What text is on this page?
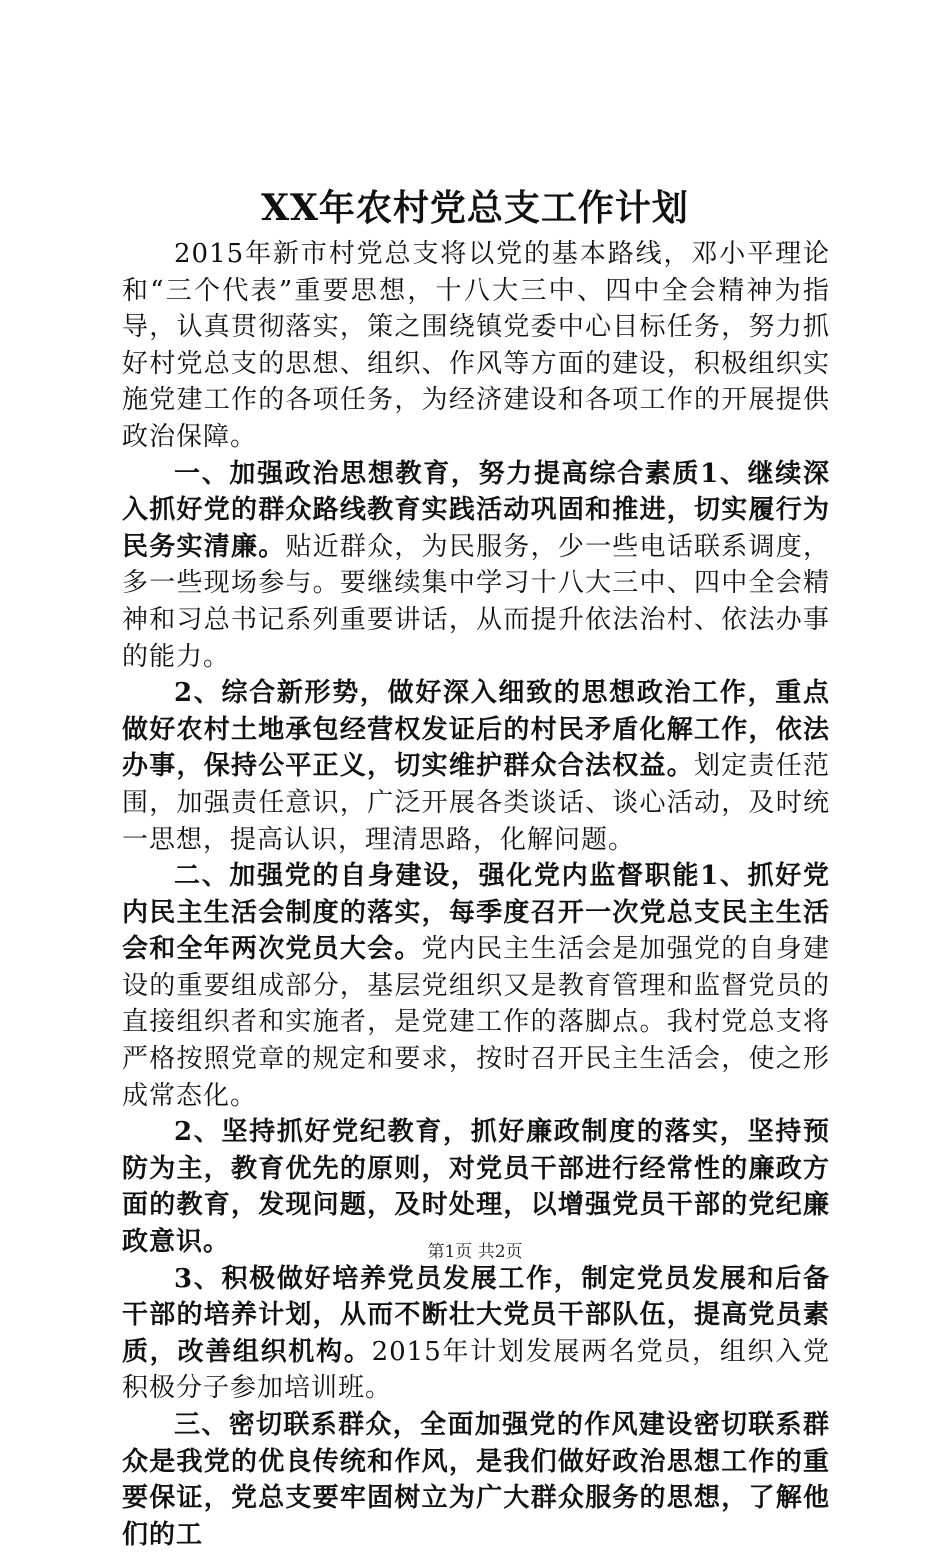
XX年农村党总支工作计划

2015年新市村党总支将以党的基本路线，邓小平理论和“三个代表”重要思想，十八大三中、四中全会精神为指导，认真贯彻落实，策之围绕镇党委中心目标任务，努力抓好村党总支的思想、组织、作风等方面的建设，积极组织实施党建工作的各项任务，为经济建设和各项工作的开展提供政治保障。

一、加强政治思想教育，努力提高综合素质1、继续深入抓好党的群众路线教育实践活动巩固和推进，切实履行为民务实清廉。贴近群众，为民服务，少一些电话联系调度，多一些现场参与。要继续集中学习十八大三中、四中全会精神和习总书记系列重要讲话，从而提升依法治村、依法办事的能力。

2、综合新形势，做好深入细致的思想政治工作，重点做好农村土地承包经营权发证后的村民矛盾化解工作，依法办事，保持公平正义，切实维护群众合法权益。划定责任范围，加强责任意识，广泛开展各类谈话、谈心活动，及时统一思想，提高认识，理清思路，化解问题。

二、加强党的自身建设，强化党内监督职能1、抓好党内民主生活会制度的落实，每季度召开一次党总支民主生活会和全年两次党员大会。党内民主生活会是加强党的自身建设的重要组成部分，基层党组织又是教育管理和监督党员的直接组织者和实施者，是党建工作的落脚点。我村党总支将严格按照党章的规定和要求，按时召开民主生活会，使之形成常态化。

2、坚持抓好党纪教育，抓好廉政制度的落实，坚持预防为主，教育优先的原则，对党员干部进行经常性的廉政方面的教育，发现问题，及时处理，以增强党员干部的党纪廉政意识。

3、积极做好培养党员发展工作，制定党员发展和后备干部的培养计划，从而不断壮大党员干部队伍，提高党员素质，改善组织机构。2015年计划发展两名党员，组织入党积极分子参加培训班。

三、密切联系群众，全面加强党的作风建设密切联系群众是我党的优良传统和作风，是我们做好政治思想工作的重要保证，党总支要牢固树立为广大群众服务的思想，了解他们的工

第1页 共2页
